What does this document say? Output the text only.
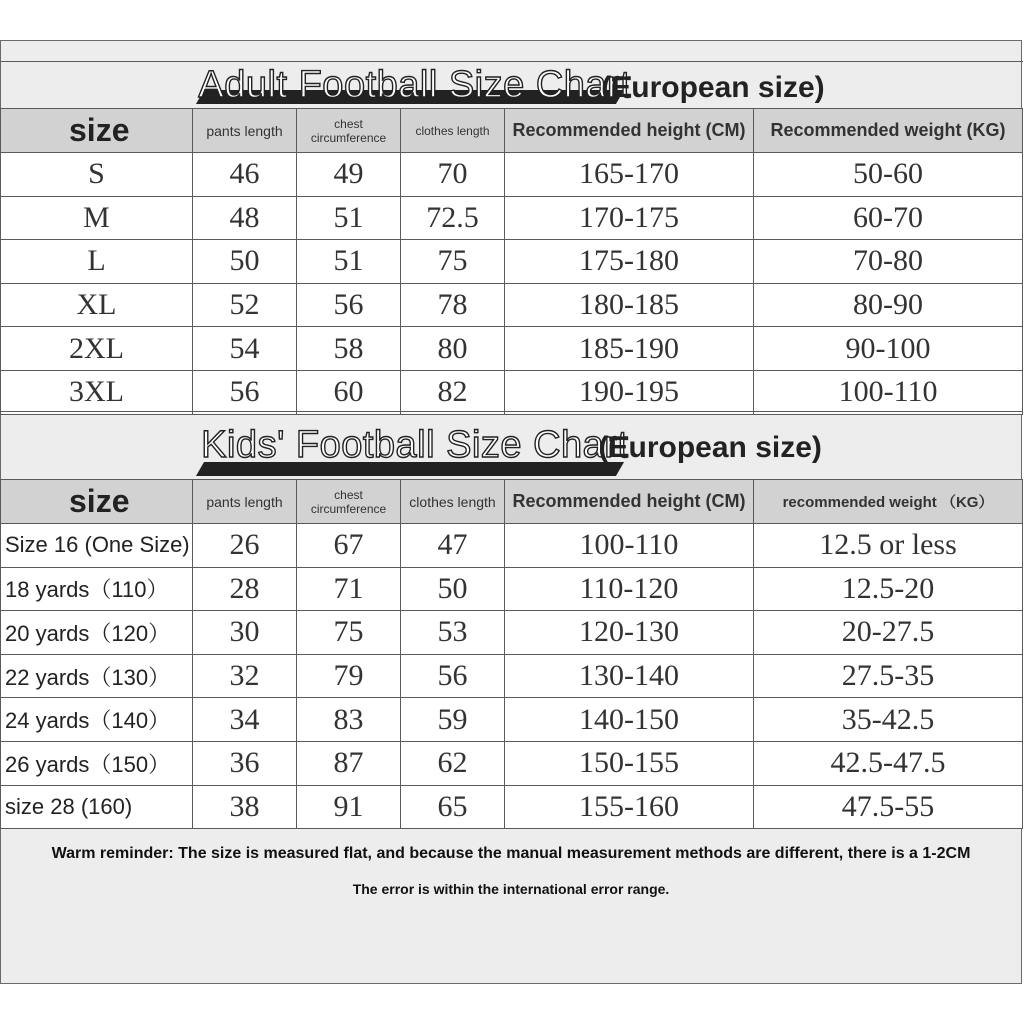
Adult Football Size Chart(European size)					
size	pants length	chest circumference	clothes length	Recommended height (CM)	Recommended weight (KG)
S	46	49	70	165-170	50-60
M	48	51	72.5	170-175	60-70
L	50	51	75	175-180	70-80
XL	52	56	78	180-185	80-90
2XL	54	58	80	185-190	90-100
3XL	56	60	82	190-195	100-110
Kids' Football Size Chart(European size)					
size	pants length	chest circumference	clothes length	Recommended height (CM)	recommended weight （KG）
Size 16 (One Size)	26	67	47	100-110	12.5 or less
18 yards（110）	28	71	50	110-120	12.5-20
20 yards（120）	30	75	53	120-130	20-27.5
22 yards（130）	32	79	56	130-140	27.5-35
24 yards（140）	34	83	59	140-150	35-42.5
26 yards（150）	36	87	62	150-155	42.5-47.5
size 28 (160)	38	91	65	155-160	47.5-55
Warm reminder: The size is measured flat, and because the manual measurement methods are different, there is a 1-2CM
The error is within the international error range.
